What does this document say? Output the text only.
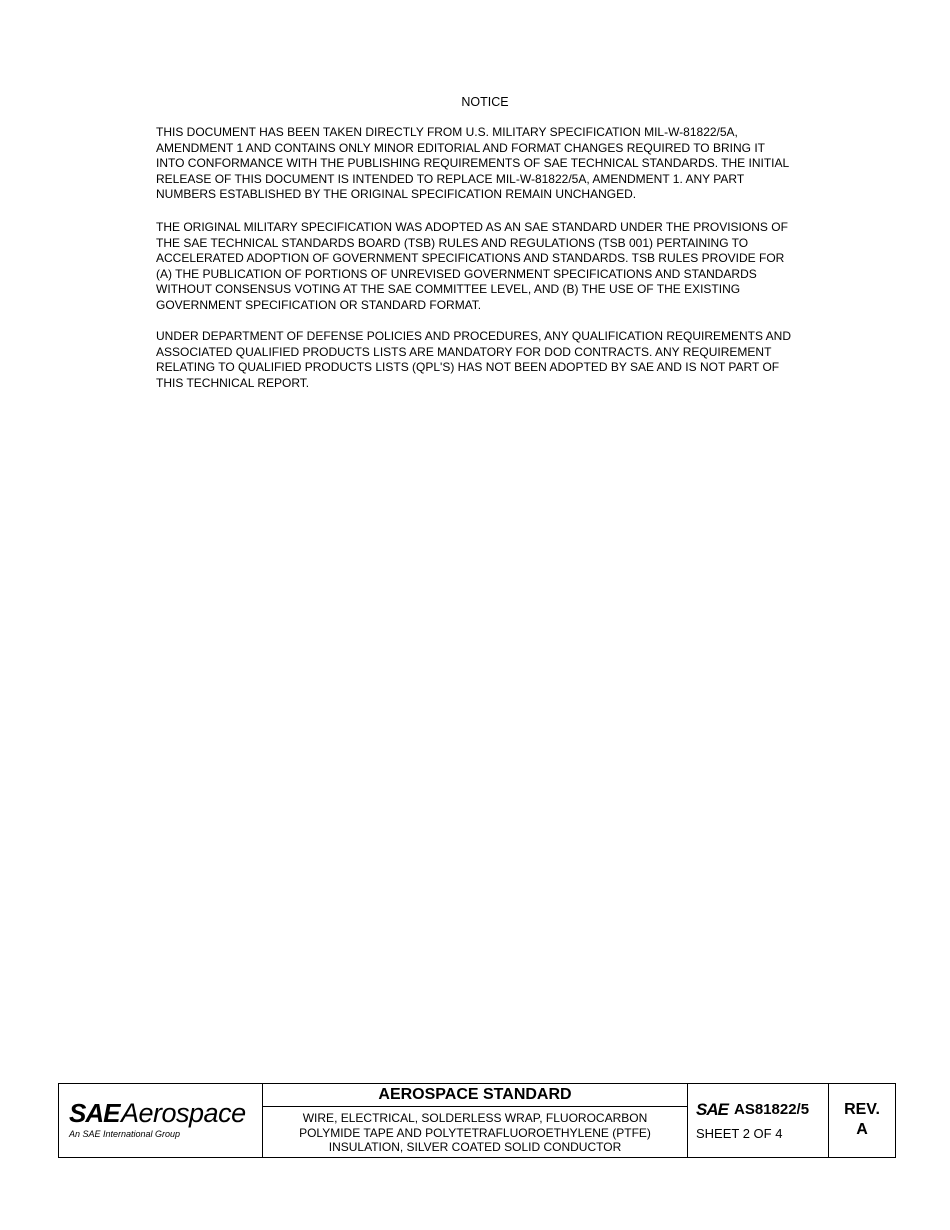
NOTICE

THIS DOCUMENT HAS BEEN TAKEN DIRECTLY FROM U.S. MILITARY SPECIFICATION MIL-W-81822/5A,
AMENDMENT 1 AND CONTAINS ONLY MINOR EDITORIAL AND FORMAT CHANGES REQUIRED TO BRING IT
INTO CONFORMANCE WITH THE PUBLISHING REQUIREMENTS OF SAE TECHNICAL STANDARDS. THE INITIAL
RELEASE OF THIS DOCUMENT IS INTENDED TO REPLACE MIL-W-81822/5A, AMENDMENT 1. ANY PART
NUMBERS ESTABLISHED BY THE ORIGINAL SPECIFICATION REMAIN UNCHANGED.

THE ORIGINAL MILITARY SPECIFICATION WAS ADOPTED AS AN SAE STANDARD UNDER THE PROVISIONS OF
THE SAE TECHNICAL STANDARDS BOARD (TSB) RULES AND REGULATIONS (TSB 001) PERTAINING TO
ACCELERATED ADOPTION OF GOVERNMENT SPECIFICATIONS AND STANDARDS. TSB RULES PROVIDE FOR
(A) THE PUBLICATION OF PORTIONS OF UNREVISED GOVERNMENT SPECIFICATIONS AND STANDARDS
WITHOUT CONSENSUS VOTING AT THE SAE COMMITTEE LEVEL, AND (B) THE USE OF THE EXISTING
GOVERNMENT SPECIFICATION OR STANDARD FORMAT.

UNDER DEPARTMENT OF DEFENSE POLICIES AND PROCEDURES, ANY QUALIFICATION REQUIREMENTS AND
ASSOCIATED QUALIFIED PRODUCTS LISTS ARE MANDATORY FOR DOD CONTRACTS. ANY REQUIREMENT
RELATING TO QUALIFIED PRODUCTS LISTS (QPL'S) HAS NOT BEEN ADOPTED BY SAE AND IS NOT PART OF
THIS TECHNICAL REPORT.

SAE Aerospace
An SAE International Group
AEROSPACE STANDARD
WIRE, ELECTRICAL, SOLDERLESS WRAP, FLUOROCARBON
POLYMIDE TAPE AND POLYTETRAFLUOROETHYLENE (PTFE)
INSULATION, SILVER COATED SOLID CONDUCTOR
SAE AS81822/5
SHEET 2 OF 4
REV.
A
